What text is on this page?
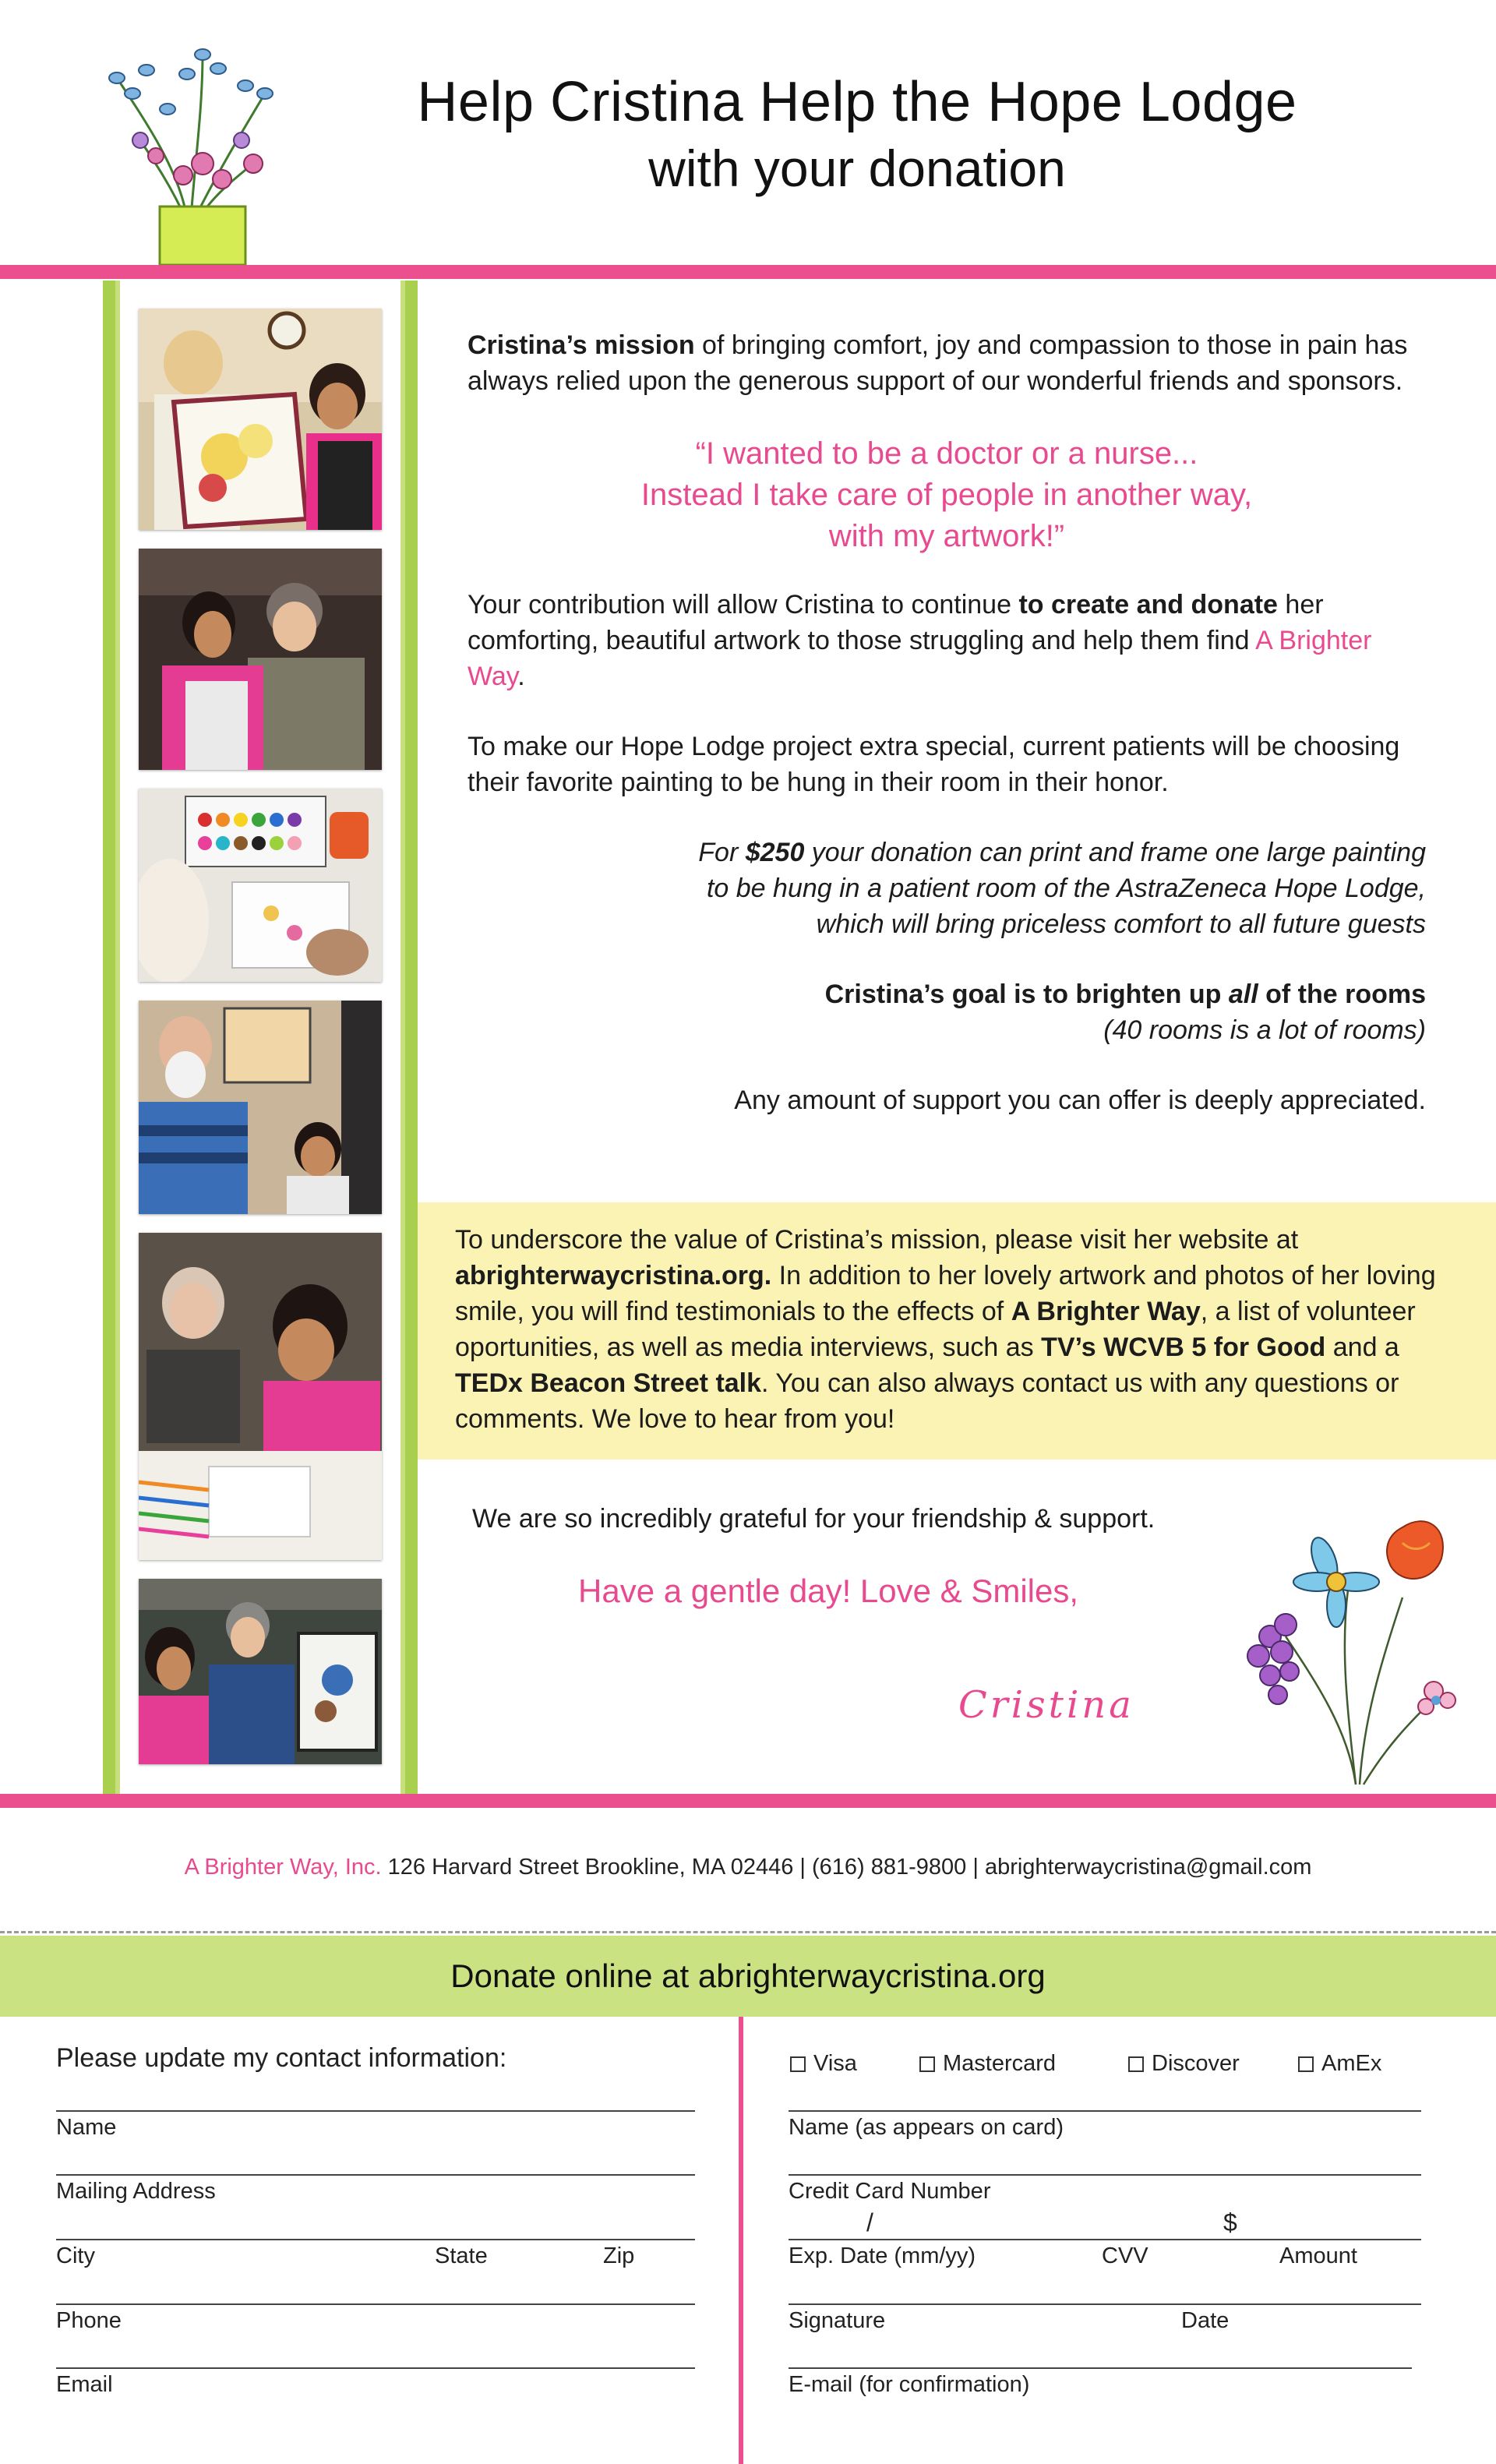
Help Cristina Help the Hope Lodge
with your donation

Cristina’s mission of bringing comfort, joy and compassion to those in pain has always relied upon the generous support of our wonderful friends and sponsors.

“I wanted to be a doctor or a nurse...
Instead I take care of people in another way,
with my artwork!”

Your contribution will allow Cristina to continue to create and donate her comforting, beautiful artwork to those struggling and help them find A Brighter Way.

To make our Hope Lodge project extra special, current patients will be choosing their favorite painting to be hung in their room in their honor.

For $250 your donation can print and frame one large painting
to be hung in a patient room of the AstraZeneca Hope Lodge,
which will bring priceless comfort to all future guests
Cristina’s goal is to brighten up all of the rooms
(40 rooms is a lot of rooms)

Any amount of support you can offer is deeply appreciated.

To underscore the value of Cristina’s mission, please visit her website at abrighterwaycristina.org. In addition to her lovely artwork and photos of her loving smile, you will find testimonials to the effects of A Brighter Way, a list of volunteer oportunities, as well as media interviews, such as TV’s WCVB 5 for Good and a TEDx Beacon Street talk. You can also always contact us with any questions or comments. We love to hear from you!
We are so incredibly grateful for your friendship & support.
Have a gentle day! Love & Smiles,
Cristina
A Brighter Way, Inc. 126 Harvard Street Brookline, MA 02446 | (616) 881-9800 | abrighterwaycristina@gmail.com
Donate online at abrighterwaycristina.org
Please update my contact information:
Name
Mailing Address
City	State	Zip
Phone
Email
Visa	Mastercard	Discover	AmEx
Name (as appears on card)
Credit Card Number
/	$
Exp. Date (mm/yy)	CVV	Amount
Signature	Date
E-mail (for confirmation)
